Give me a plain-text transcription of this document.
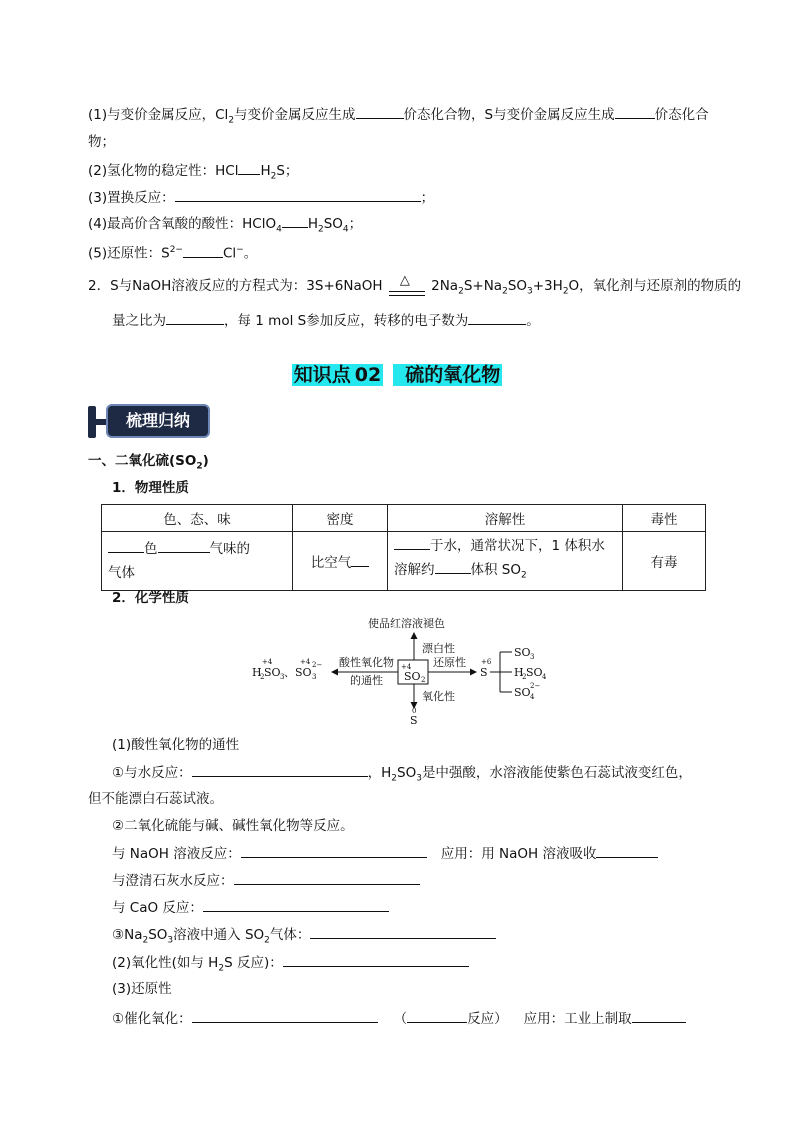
(1)与变价金属反应，$Cl_2$与变价金属反应生成	价态化合物，S与变价金属反应生成	价态化合
物；
(2)氢化物的稳定性：HCl $H_2S$；
(3)置换反应：	；
(4)最高价含氧酸的酸性：HClO$_4$ $H_2SO_4$；
(5)还原性：$S^{2-}$	Cl−。
2．S与NaOH溶液反应的方程式为：3S+6NaOH △ $2Na_2S+Na_2SO_3+3H_2O$，氧化剂与还原剂的物质的
量之比为	，每 1 mol S参加反应，转移的电子数为	。
知识点 02 硫的氧化物
梳理归纳
一、二氧化硫$(SO_2)$
1．物理性质
色、态、味	密度	溶解性	毒性
色 气味的
气体	比空气	于水，通常状况下，1 体积水
溶解约 体积 $SO_2$	有毒
2．化学性质
使品红溶液褪色
漂白性
+4
SO 2
酸性氧化物
的通性
+4	+4
H
2 SO 3 、SO 3
2−	还原性 +6
S
SO 3
H
2 SO 4
SO 4
2−
氧化性
0
S
(1)酸性氧化物的通性
①与水反应：	，$H_2SO_3$是中强酸，水溶液能使紫色石蕊试液变红色，
但不能漂白石蕊试液。
②二氧化硫能与碱、碱性氧化物等反应。
与 NaOH 溶液反应：	应用：用 NaOH 溶液吸收
与澄清石灰水反应：
与 CaO 反应：
$③Na_2SO_3$溶液中通入 $SO_2$气体：
(2)氧化性(如与 $H_2S$ 反应)：
(3)还原性
①催化氧化：	（	反应） 应用：工业上制取
